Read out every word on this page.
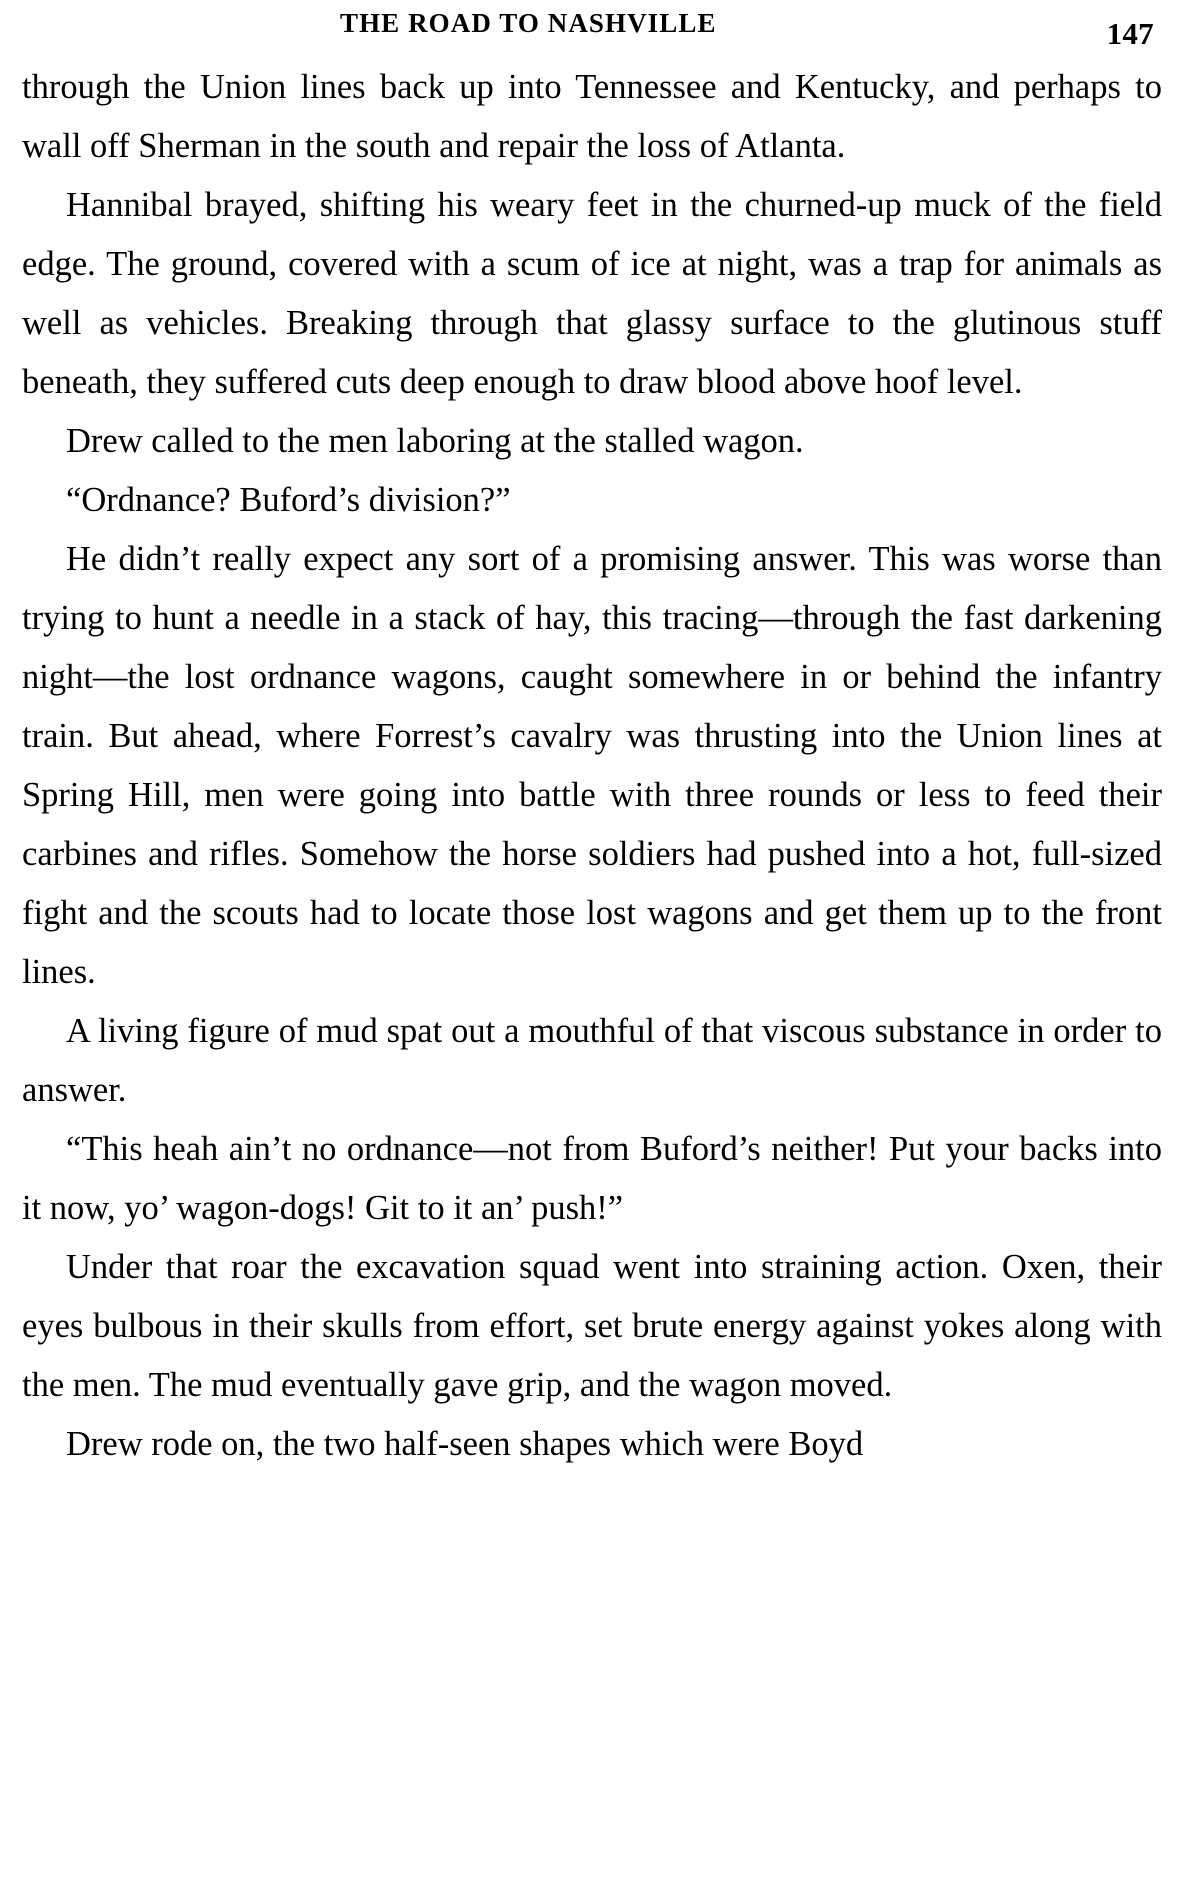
THE ROAD TO NASHVILLE	147

through the Union lines back up into Tennessee and Kentucky, and perhaps to wall off Sherman in the south and repair the loss of Atlanta.

Hannibal brayed, shifting his weary feet in the churned-up muck of the field edge. The ground, covered with a scum of ice at night, was a trap for animals as well as vehicles. Breaking through that glassy surface to the glutinous stuff beneath, they suffered cuts deep enough to draw blood above hoof level.

Drew called to the men laboring at the stalled wagon.

“Ordnance? Buford’s division?”

He didn’t really expect any sort of a promising answer. This was worse than trying to hunt a needle in a stack of hay, this tracing—through the fast darkening night—the lost ordnance wagons, caught somewhere in or behind the infantry train. But ahead, where Forrest’s cavalry was thrusting into the Union lines at Spring Hill, men were going into battle with three rounds or less to feed their carbines and rifles. Somehow the horse soldiers had pushed into a hot, full-sized fight and the scouts had to locate those lost wagons and get them up to the front lines.

A living figure of mud spat out a mouthful of that viscous substance in order to answer.

“This heah ain’t no ordnance—not from Buford’s neither! Put your backs into it now, yo’ wagon-dogs! Git to it an’ push!”

Under that roar the excavation squad went into straining action. Oxen, their eyes bulbous in their skulls from effort, set brute energy against yokes along with the men. The mud eventually gave grip, and the wagon moved.

Drew rode on, the two half-seen shapes which were Boyd
